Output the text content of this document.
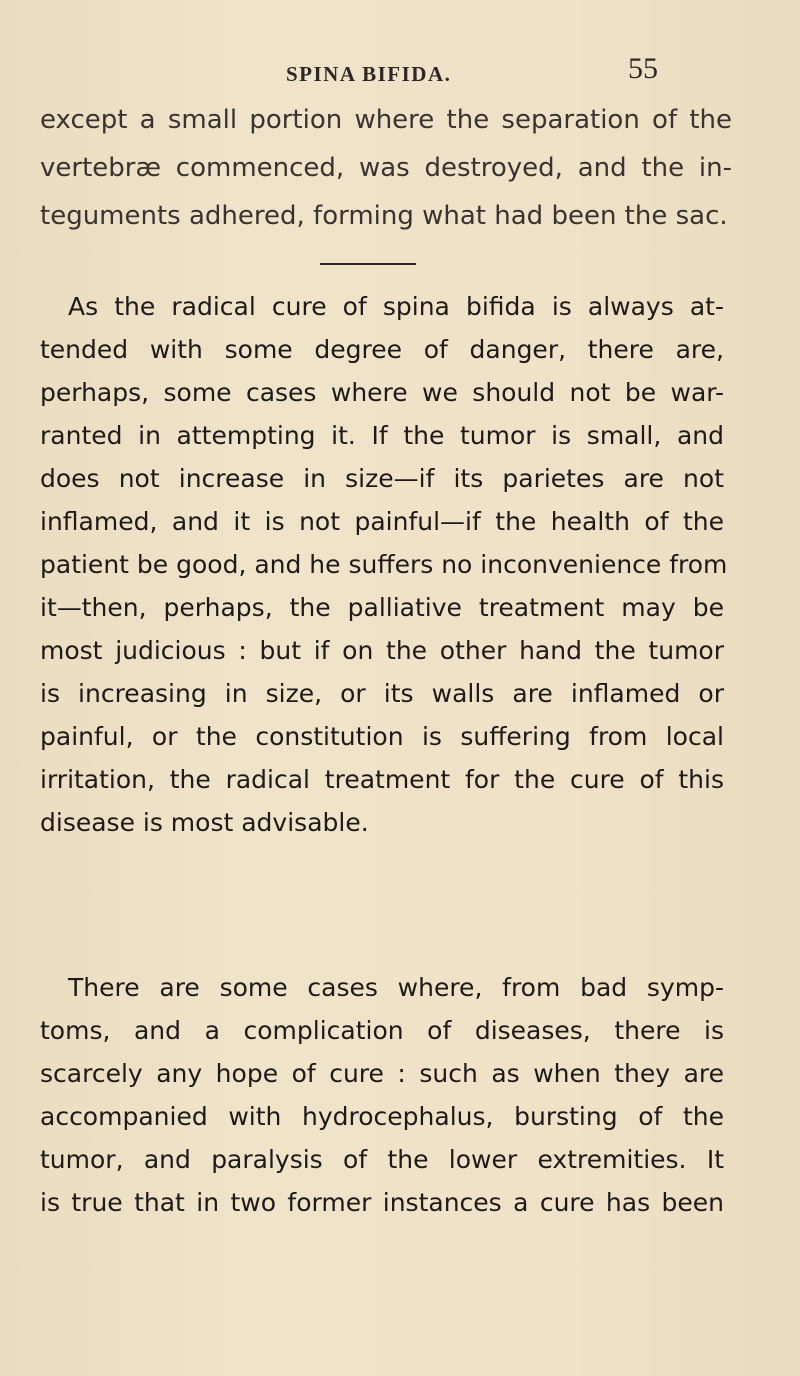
SPINA BIFIDA.	55

except a small portion where the separation of the
vertebræ commenced, was destroyed, and the in-
teguments adhered, forming what had been the sac.

As the radical cure of spina bifida is always at-
tended with some degree of danger, there are,
perhaps, some cases where we should not be war-
ranted in attempting it. If the tumor is small, and
does not increase in size—if its parietes are not
inflamed, and it is not painful—if the health of the
patient be good, and he suffers no inconvenience from
it—then, perhaps, the palliative treatment may be
most judicious : but if on the other hand the tumor
is increasing in size, or its walls are inflamed or
painful, or the constitution is suffering from local
irritation, the radical treatment for the cure of this
disease is most advisable.

There are some cases where, from bad symp-
toms, and a complication of diseases, there is
scarcely any hope of cure : such as when they are
accompanied with hydrocephalus, bursting of the
tumor, and paralysis of the lower extremities. It
is true that in two former instances a cure has been
